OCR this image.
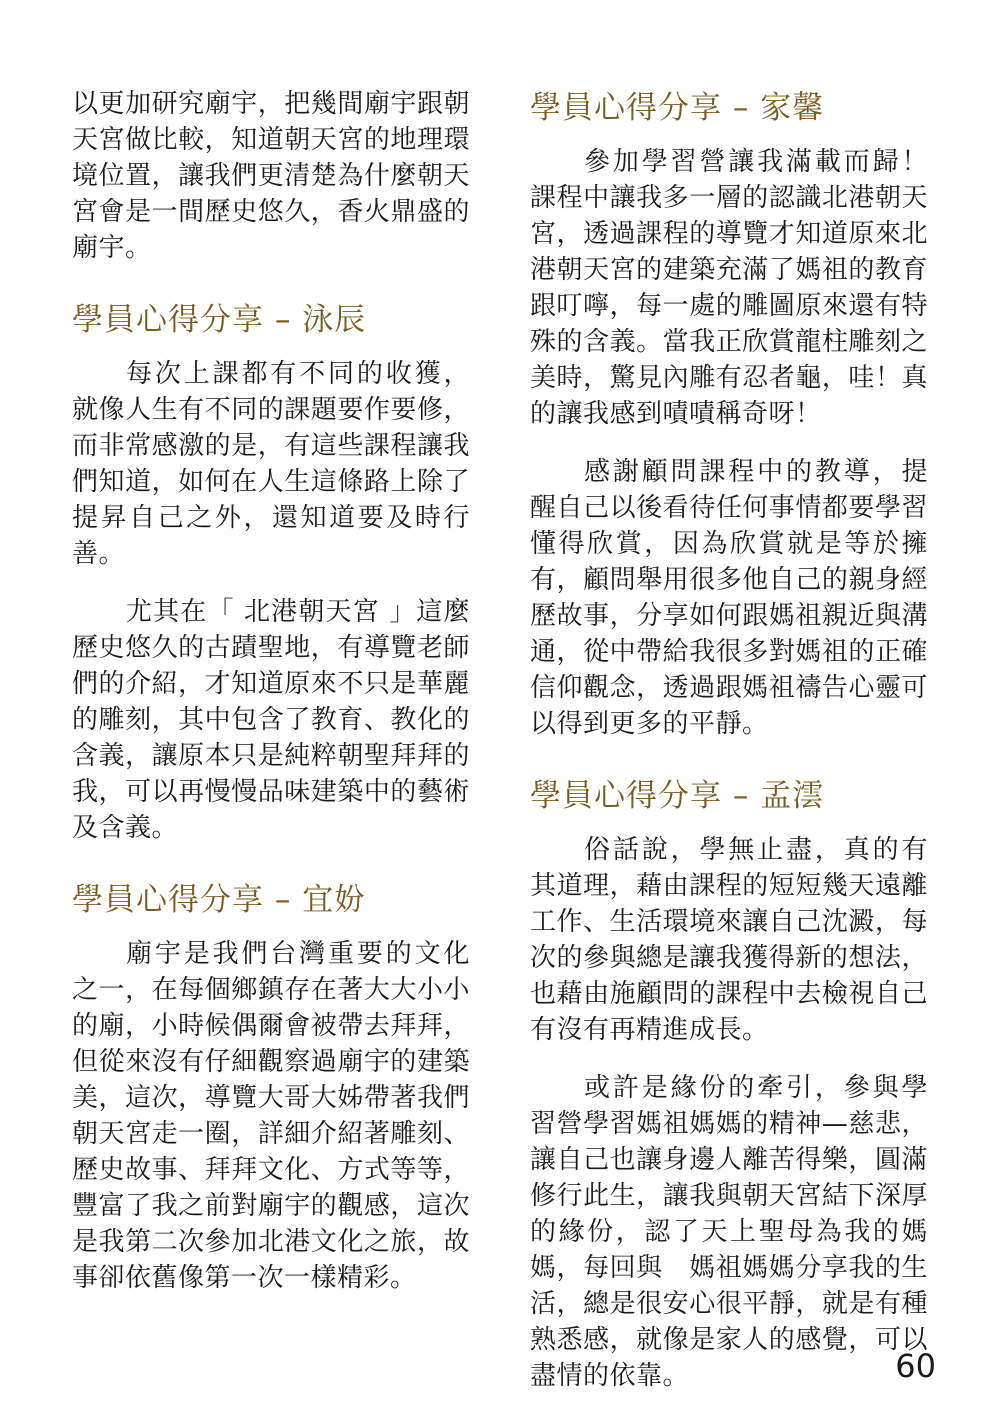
以更加研究廟宇，把幾間廟宇跟朝天宮做比較，知道朝天宮的地理環境位置，讓我們更清楚為什麼朝天宮會是一間歷史悠久，香火鼎盛的廟宇。

學員心得分享 – 泳辰

每次上課都有不同的收獲，就像人生有不同的課題要作要修，而非常感激的是，有這些課程讓我們知道，如何在人生這條路上除了提昇自己之外，還知道要及時行善。

尤其在「 北港朝天宮 」這麼歷史悠久的古蹟聖地，有導覽老師們的介紹，才知道原來不只是華麗的雕刻，其中包含了教育、教化的含義，讓原本只是純粹朝聖拜拜的我，可以再慢慢品味建築中的藝術及含義。

學員心得分享 – 宜妢

廟宇是我們台灣重要的文化之一，在每個鄉鎮存在著大大小小的廟，小時候偶爾會被帶去拜拜，但從來沒有仔細觀察過廟宇的建築美，這次，導覽大哥大姊帶著我們朝天宮走一圈，詳細介紹著雕刻、歷史故事、拜拜文化、方式等等，豐富了我之前對廟宇的觀感，這次是我第二次參加北港文化之旅，故事卻依舊像第一次一樣精彩。

學員心得分享 – 家馨

參加學習營讓我滿載而歸！課程中讓我多一層的認識北港朝天宮，透過課程的導覽才知道原來北港朝天宮的建築充滿了媽祖的教育跟叮嚀，每一處的雕圖原來還有特殊的含義。當我正欣賞龍柱雕刻之美時，驚見內雕有忍者龜，哇！真的讓我感到嘖嘖稱奇呀！

感謝顧問課程中的教導，提醒自己以後看待任何事情都要學習懂得欣賞，因為欣賞就是等於擁有，顧問舉用很多他自己的親身經歷故事，分享如何跟媽祖親近與溝通，從中帶給我很多對媽祖的正確信仰觀念，透過跟媽祖禱告心靈可以得到更多的平靜。

學員心得分享 – 孟澐

俗話說，學無止盡，真的有其道理，藉由課程的短短幾天遠離工作、生活環境來讓自己沈澱，每次的參與總是讓我獲得新的想法，也藉由施顧問的課程中去檢視自己有沒有再精進成長。

或許是緣份的牽引，參與學習營學習媽祖媽媽的精神—慈悲，讓自己也讓身邊人離苦得樂，圓滿修行此生，讓我與朝天宮結下深厚的緣份，認了天上聖母為我的媽媽，每回與　媽祖媽媽分享我的生活，總是很安心很平靜，就是有種熟悉感，就像是家人的感覺，可以盡情的依靠。	60
